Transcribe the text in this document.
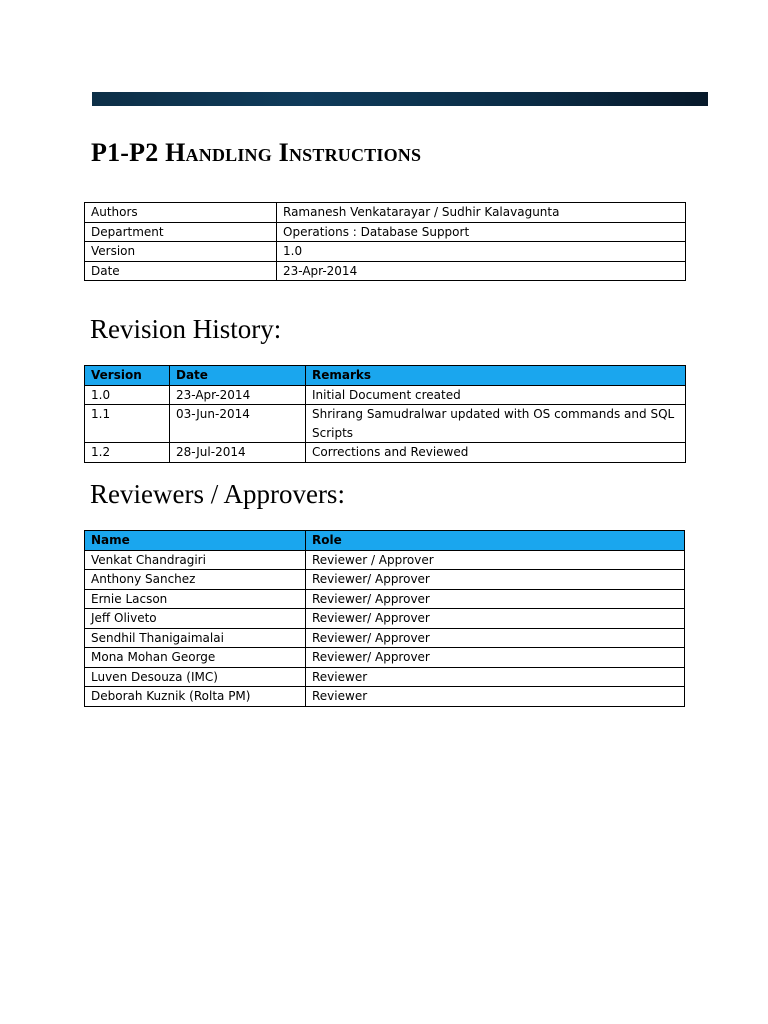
P1-P2 Handling Instructions
Authors	Ramanesh Venkatarayar / Sudhir Kalavagunta
Department	Operations : Database Support
Version	1.0
Date	23-Apr-2014
Revision History:
Version	Date	Remarks
1.0	23-Apr-2014	Initial Document created
1.1	03-Jun-2014	Shrirang Samudralwar updated with OS commands and SQL Scripts
1.2	28-Jul-2014	Corrections and Reviewed
Reviewers / Approvers:
Name	Role
Venkat Chandragiri	Reviewer / Approver
Anthony Sanchez	Reviewer/ Approver
Ernie Lacson	Reviewer/ Approver
Jeff Oliveto	Reviewer/ Approver
Sendhil Thanigaimalai	Reviewer/ Approver
Mona Mohan George	Reviewer/ Approver
Luven Desouza (IMC)	Reviewer
Deborah Kuznik (Rolta PM)	Reviewer
